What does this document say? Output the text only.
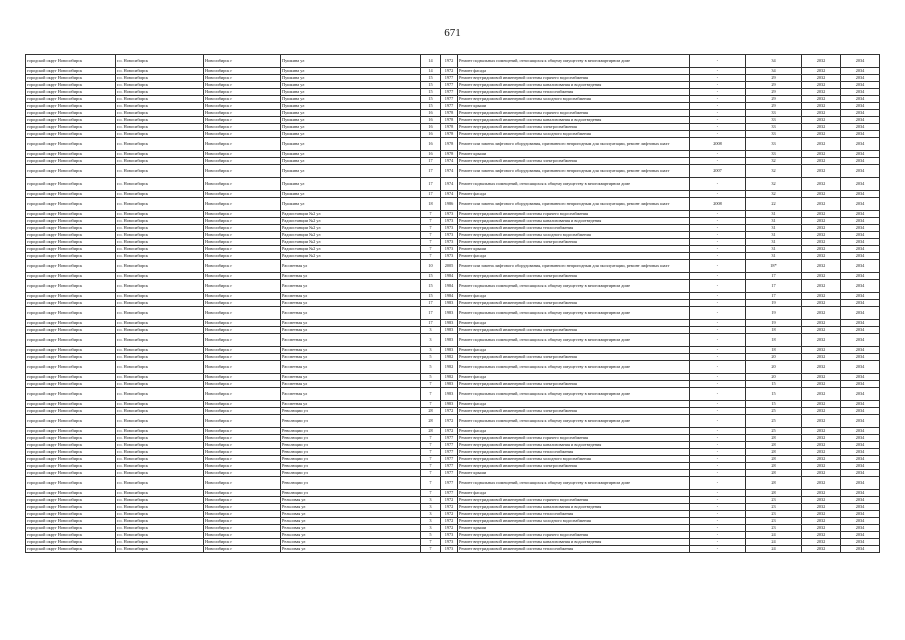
671
городской округ Новосибирск	г.о. Новосибирск	Новосибирск г	Пушкина ул	14	1972	Ремонт подвальных помещений, относящихся к общему имуществу в многоквартирном доме	-	34	2032	2034
городской округ Новосибирск	г.о. Новосибирск	Новосибирск г	Пушкина ул	14	1972	Ремонт фасада	-	34	2032	2034
городской округ Новосибирск	г.о. Новосибирск	Новосибирск г	Пушкина ул	15	1977	Ремонт внутридомовой инженерной системы горячего водоснабжения	-	29	2032	2034
городской округ Новосибирск	г.о. Новосибирск	Новосибирск г	Пушкина ул	15	1977	Ремонт внутридомовой инженерной системы канализования и водоотведения	-	29	2032	2034
городской округ Новосибирск	г.о. Новосибирск	Новосибирск г	Пушкина ул	15	1977	Ремонт внутридомовой инженерной системы теплоснабжения	-	29	2032	2034
городской округ Новосибирск	г.о. Новосибирск	Новосибирск г	Пушкина ул	15	1977	Ремонт внутридомовой инженерной системы холодного водоснабжения	-	29	2032	2034
городской округ Новосибирск	г.о. Новосибирск	Новосибирск г	Пушкина ул	15	1977	Ремонт крыши	-	29	2032	2034
городской округ Новосибирск	г.о. Новосибирск	Новосибирск г	Пушкина ул	16	1978	Ремонт внутридомовой инженерной системы горячего водоснабжения	-	33	2032	2034
городской округ Новосибирск	г.о. Новосибирск	Новосибирск г	Пушкина ул	16	1978	Ремонт внутридомовой инженерной системы канализования и водоотведения	-	33	2032	2034
городской округ Новосибирск	г.о. Новосибирск	Новосибирск г	Пушкина ул	16	1978	Ремонт внутридомовой инженерной системы электроснабжения	-	33	2032	2034
городской округ Новосибирск	г.о. Новосибирск	Новосибирск г	Пушкина ул	16	1978	Ремонт внутридомовой инженерной системы холодного водоснабжения	-	33	2032	2034
городской округ Новосибирск	г.о. Новосибирск	Новосибирск г	Пушкина ул	16	1978	Ремонт или замена лифтового оборудования, признанного непригодным для эксплуатации, ремонт лифтовых шахт	2008	33	2032	2034
городской округ Новосибирск	г.о. Новосибирск	Новосибирск г	Пушкина ул	16	1978	Ремонт крыши	-	33	2032	2034
городской округ Новосибирск	г.о. Новосибирск	Новосибирск г	Пушкина ул	17	1974	Ремонт внутридомовой инженерной системы электроснабжения	-	32	2032	2034
городской округ Новосибирск	г.о. Новосибирск	Новосибирск г	Пушкина ул	17	1974	Ремонт или замена лифтового оборудования, признанного непригодным для эксплуатации, ремонт лифтовых шахт	2007	32	2032	2034
городской округ Новосибирск	г.о. Новосибирск	Новосибирск г	Пушкина ул	17	1974	Ремонт подвальных помещений, относящихся к общему имуществу в многоквартирном доме	-	32	2032	2034
городской округ Новосибирск	г.о. Новосибирск	Новосибирск г	Пушкина ул	17	1974	Ремонт фасада	-	32	2032	2034
городской округ Новосибирск	г.о. Новосибирск	Новосибирск г	Пушкина ул	18	1986	Ремонт или замена лифтового оборудования, признанного непригодным для эксплуатации, ремонт лифтовых шахт	2008	22	2032	2034
городской округ Новосибирск	г.о. Новосибирск	Новосибирск г	Радиостанции №2 ул	7	1973	Ремонт внутридомовой инженерной системы горячего водоснабжения	-	31	2032	2034
городской округ Новосибирск	г.о. Новосибирск	Новосибирск г	Радиостанции №2 ул	7	1973	Ремонт внутридомовой инженерной системы канализования и водоотведения	-	31	2032	2034
городской округ Новосибирск	г.о. Новосибирск	Новосибирск г	Радиостанции №2 ул	7	1973	Ремонт внутридомовой инженерной системы теплоснабжения	-	31	2032	2034
городской округ Новосибирск	г.о. Новосибирск	Новосибирск г	Радиостанции №2 ул	7	1973	Ремонт внутридомовой инженерной системы холодного водоснабжения	-	31	2032	2034
городской округ Новосибирск	г.о. Новосибирск	Новосибирск г	Радиостанции №2 ул	7	1973	Ремонт внутридомовой инженерной системы электроснабжения	-	31	2032	2034
городской округ Новосибирск	г.о. Новосибирск	Новосибирск г	Радиостанции №2 ул	7	1973	Ремонт крыши	-	31	2032	2034
городской округ Новосибирск	г.о. Новосибирск	Новосибирск г	Радиостанции №2 ул	7	1973	Ремонт фасада	-	31	2032	2034
городской округ Новосибирск	г.о. Новосибирск	Новосибирск г	Рассветная ул	10	2005	Ремонт или замена лифтового оборудования, признанного непригодным для эксплуатации, ремонт лифтовых шахт	-	18*	2032	2034
городской округ Новосибирск	г.о. Новосибирск	Новосибирск г	Рассветная ул	15	1984	Ремонт внутридомовой инженерной системы электроснабжения	-	17	2032	2034
городской округ Новосибирск	г.о. Новосибирск	Новосибирск г	Рассветная ул	15	1984	Ремонт подвальных помещений, относящихся к общему имуществу в многоквартирном доме	-	17	2032	2034
городской округ Новосибирск	г.о. Новосибирск	Новосибирск г	Рассветная ул	15	1984	Ремонт фасада	-	17	2032	2034
городской округ Новосибирск	г.о. Новосибирск	Новосибирск г	Рассветная ул	17	1983	Ремонт внутридомовой инженерной системы электроснабжения	-	19	2032	2034
городской округ Новосибирск	г.о. Новосибирск	Новосибирск г	Рассветная ул	17	1983	Ремонт подвальных помещений, относящихся к общему имуществу в многоквартирном доме	-	19	2032	2034
городской округ Новосибирск	г.о. Новосибирск	Новосибирск г	Рассветная ул	17	1983	Ремонт фасада	-	19	2032	2034
городской округ Новосибирск	г.о. Новосибирск	Новосибирск г	Рассветная ул	3	1983	Ремонт внутридомовой инженерной системы электроснабжения	-	18	2032	2034
городской округ Новосибирск	г.о. Новосибирск	Новосибирск г	Рассветная ул	3	1983	Ремонт подвальных помещений, относящихся к общему имуществу в многоквартирном доме	-	18	2032	2034
городской округ Новосибирск	г.о. Новосибирск	Новосибирск г	Рассветная ул	3	1983	Ремонт фасада	-	18	2032	2034
городской округ Новосибирск	г.о. Новосибирск	Новосибирск г	Рассветная ул	5	1982	Ремонт внутридомовой инженерной системы электроснабжения	-	20	2032	2034
городской округ Новосибирск	г.о. Новосибирск	Новосибирск г	Рассветная ул	5	1982	Ремонт подвальных помещений, относящихся к общему имуществу в многоквартирном доме	-	20	2032	2034
городской округ Новосибирск	г.о. Новосибирск	Новосибирск г	Рассветная ул	5	1982	Ремонт фасада	-	20	2032	2034
городской округ Новосибирск	г.о. Новосибирск	Новосибирск г	Рассветная ул	7	1983	Ремонт внутридомовой инженерной системы электроснабжения	-	15	2032	2034
городской округ Новосибирск	г.о. Новосибирск	Новосибирск г	Рассветная ул	7	1983	Ремонт подвальных помещений, относящихся к общему имуществу в многоквартирном доме	-	15	2032	2034
городской округ Новосибирск	г.о. Новосибирск	Новосибирск г	Рассветная ул	7	1983	Ремонт фасада	-	15	2032	2034
городской округ Новосибирск	г.о. Новосибирск	Новосибирск г	Революции ул	28	1972	Ремонт внутридомовой инженерной системы электроснабжения	-	25	2032	2034
городской округ Новосибирск	г.о. Новосибирск	Новосибирск г	Революции ул	28	1972	Ремонт подвальных помещений, относящихся к общему имуществу в многоквартирном доме	-	25	2032	2034
городской округ Новосибирск	г.о. Новосибирск	Новосибирск г	Революции ул	28	1972	Ремонт фасада	-	25	2032	2034
городской округ Новосибирск	г.о. Новосибирск	Новосибирск г	Революции ул	7	1977	Ремонт внутридомовой инженерной системы горячего водоснабжения	-	28	2032	2034
городской округ Новосибирск	г.о. Новосибирск	Новосибирск г	Революции ул	7	1977	Ремонт внутридомовой инженерной системы канализования и водоотведения	-	28	2032	2034
городской округ Новосибирск	г.о. Новосибирск	Новосибирск г	Революции ул	7	1977	Ремонт внутридомовой инженерной системы теплоснабжения	-	28	2032	2034
городской округ Новосибирск	г.о. Новосибирск	Новосибирск г	Революции ул	7	1977	Ремонт внутридомовой инженерной системы холодного водоснабжения	-	28	2032	2034
городской округ Новосибирск	г.о. Новосибирск	Новосибирск г	Революции ул	7	1977	Ремонт внутридомовой инженерной системы электроснабжения	-	28	2032	2034
городской округ Новосибирск	г.о. Новосибирск	Новосибирск г	Революции ул	7	1977	Ремонт крыши	-	28	2032	2034
городской округ Новосибирск	г.о. Новосибирск	Новосибирск г	Революции ул	7	1977	Ремонт подвальных помещений, относящихся к общему имуществу в многоквартирном доме	-	28	2032	2034
городской округ Новосибирск	г.о. Новосибирск	Новосибирск г	Революции ул	7	1977	Ремонт фасада	-	28	2032	2034
городской округ Новосибирск	г.о. Новосибирск	Новосибирск г	Рельсовая ул	3	1972	Ремонт внутридомовой инженерной системы горячего водоснабжения	-	23	2032	2034
городской округ Новосибирск	г.о. Новосибирск	Новосибирск г	Рельсовая ул	3	1972	Ремонт внутридомовой инженерной системы канализования и водоотведения	-	23	2032	2034
городской округ Новосибирск	г.о. Новосибирск	Новосибирск г	Рельсовая ул	3	1972	Ремонт внутридомовой инженерной системы теплоснабжения	-	23	2032	2034
городской округ Новосибирск	г.о. Новосибирск	Новосибирск г	Рельсовая ул	3	1972	Ремонт внутридомовой инженерной системы холодного водоснабжения	-	23	2032	2034
городской округ Новосибирск	г.о. Новосибирск	Новосибирск г	Рельсовая ул	3	1972	Ремонт крыши	-	23	2032	2034
городской округ Новосибирск	г.о. Новосибирск	Новосибирск г	Рельсовая ул	5	1973	Ремонт внутридомовой инженерной системы горячего водоснабжения	-	24	2032	2034
городской округ Новосибирск	г.о. Новосибирск	Новосибирск г	Рельсовая ул	7	1973	Ремонт внутридомовой инженерной системы канализования и водоотведения	-	24	2032	2034
городской округ Новосибирск	г.о. Новосибирск	Новосибирск г	Рельсовая ул	7	1973	Ремонт внутридомовой инженерной системы теплоснабжения	-	24	2032	2034
